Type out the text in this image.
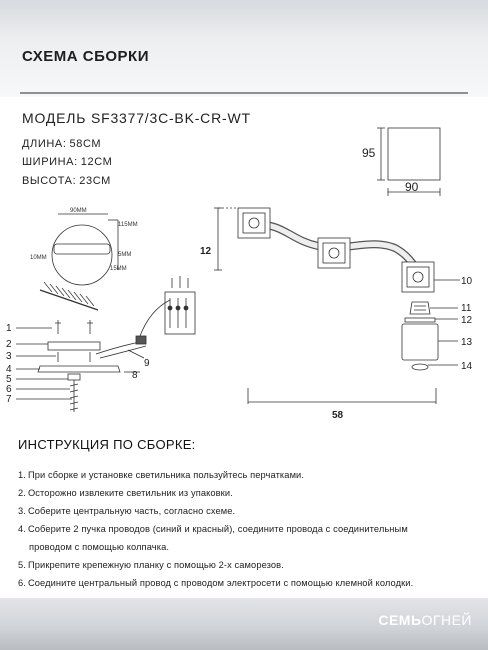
СХЕМА СБОРКИ
МОДЕЛЬ SF3377/3C-BK-CR-WT
ДЛИНА: 58СМ
ШИРИНА: 12СМ
ВЫСОТА: 23СМ
95
90
90ММ
115ММ
10ММ	5ММ
15ММ
1
2
3
4
5
6
7
8
9
12
10
11
12
13
14
58
ИНСТРУКЦИЯ ПО СБОРКЕ:
1. При сборке и установке светильника пользуйтесь перчатками.
2. Осторожно извлеките светильник из упаковки.
3. Соберите центральную часть, согласно схеме.
4. Соберите 2 пучка проводов (синий и красный), соедините провода с соединительным
проводом с помощью колпачка.
5. Прикрепите крепежную планку с помощью 2-х саморезов.
6. Соедините центральный провод с проводом электросети с помощью клемной колодки.
СЕМЬОГНЕЙ
